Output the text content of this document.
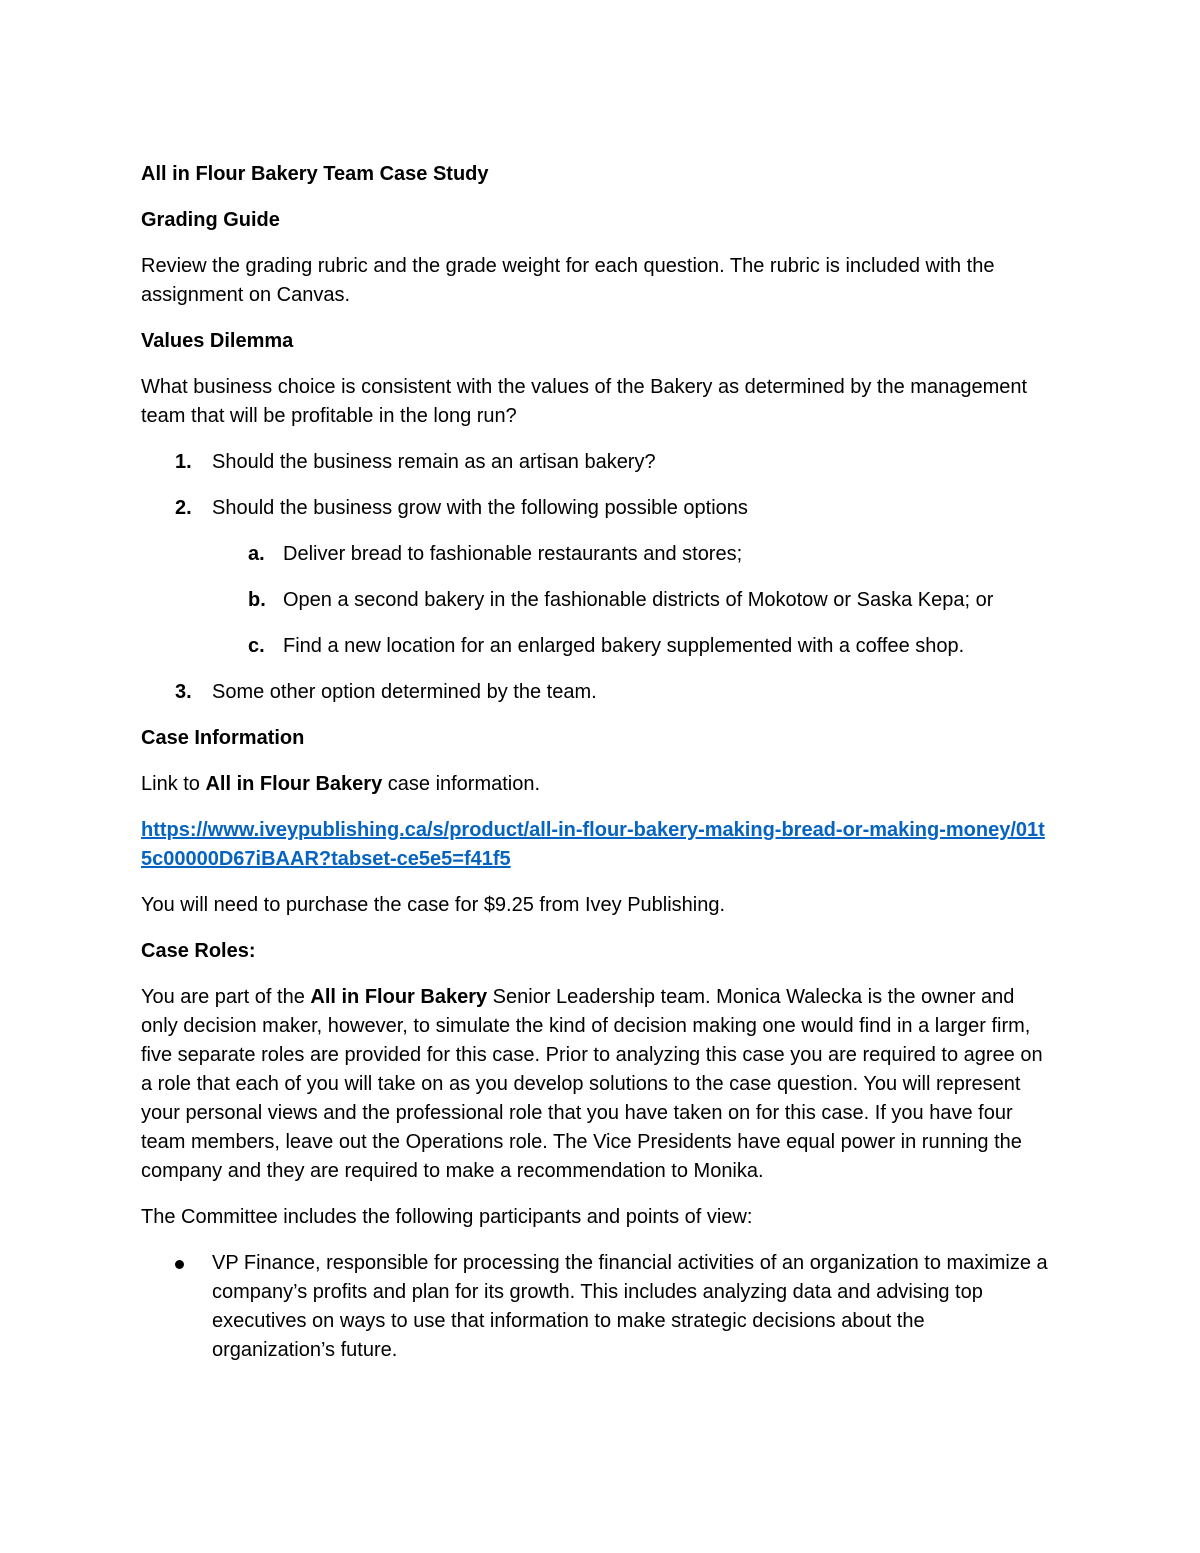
All in Flour Bakery Team Case Study
Grading Guide
Review the grading rubric and the grade weight for each question. The rubric is included with the assignment on Canvas.
Values Dilemma
What business choice is consistent with the values of the Bakery as determined by the management team that will be profitable in the long run?
1. Should the business remain as an artisan bakery?
2. Should the business grow with the following possible options
a. Deliver bread to fashionable restaurants and stores;
b. Open a second bakery in the fashionable districts of Mokotow or Saska Kepa; or
c. Find a new location for an enlarged bakery supplemented with a coffee shop.
3. Some other option determined by the team.
Case Information
Link to All in Flour Bakery case information.
https://www.iveypublishing.ca/s/product/all-in-flour-bakery-making-bread-or-making-money/01t5c00000D67iBAAR?tabset-ce5e5=f41f5
You will need to purchase the case for $9.25 from Ivey Publishing.
Case Roles:
You are part of the All in Flour Bakery Senior Leadership team. Monica Walecka is the owner and only decision maker, however, to simulate the kind of decision making one would find in a larger firm, five separate roles are provided for this case. Prior to analyzing this case you are required to agree on a role that each of you will take on as you develop solutions to the case question. You will represent your personal views and the professional role that you have taken on for this case. If you have four team members, leave out the Operations role. The Vice Presidents have equal power in running the company and they are required to make a recommendation to Monika.
The Committee includes the following participants and points of view:
VP Finance, responsible for processing the financial activities of an organization to maximize a company’s profits and plan for its growth. This includes analyzing data and advising top executives on ways to use that information to make strategic decisions about the organization’s future.
